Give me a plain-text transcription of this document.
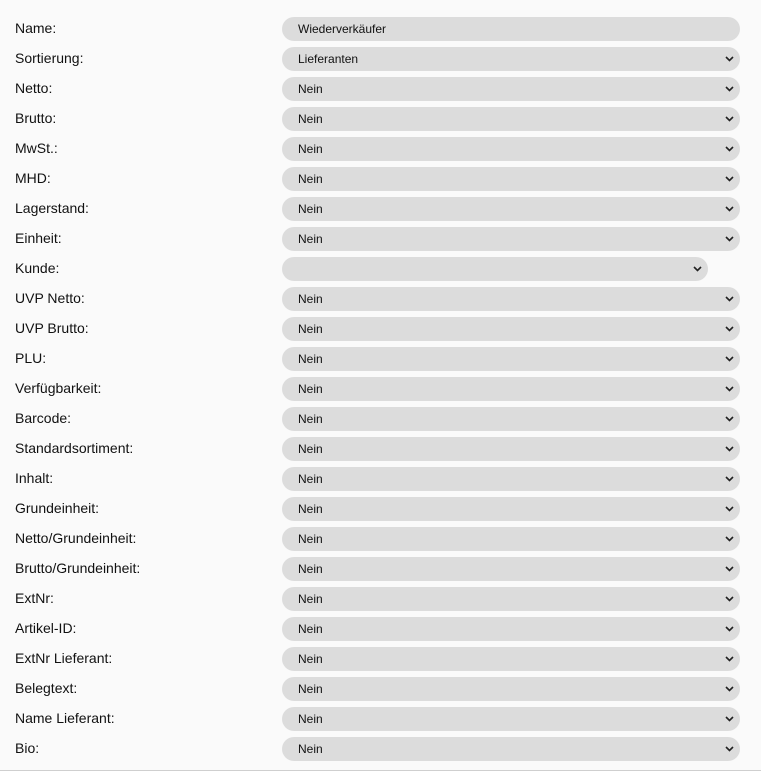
Name:	Wiederverkäufer
Sortierung:	Lieferanten
Netto:	Nein
Brutto:	Nein
MwSt.:	Nein
MHD:	Nein
Lagerstand:	Nein
Einheit:	Nein
Kunde:
UVP Netto:	Nein
UVP Brutto:	Nein
PLU:	Nein
Verfügbarkeit:	Nein
Barcode:	Nein
Standardsortiment:	Nein
Inhalt:	Nein
Grundeinheit:	Nein
Netto/Grundeinheit:	Nein
Brutto/Grundeinheit:	Nein
ExtNr:	Nein
Artikel-ID:	Nein
ExtNr Lieferant:	Nein
Belegtext:	Nein
Name Lieferant:	Nein
Bio:	Nein
